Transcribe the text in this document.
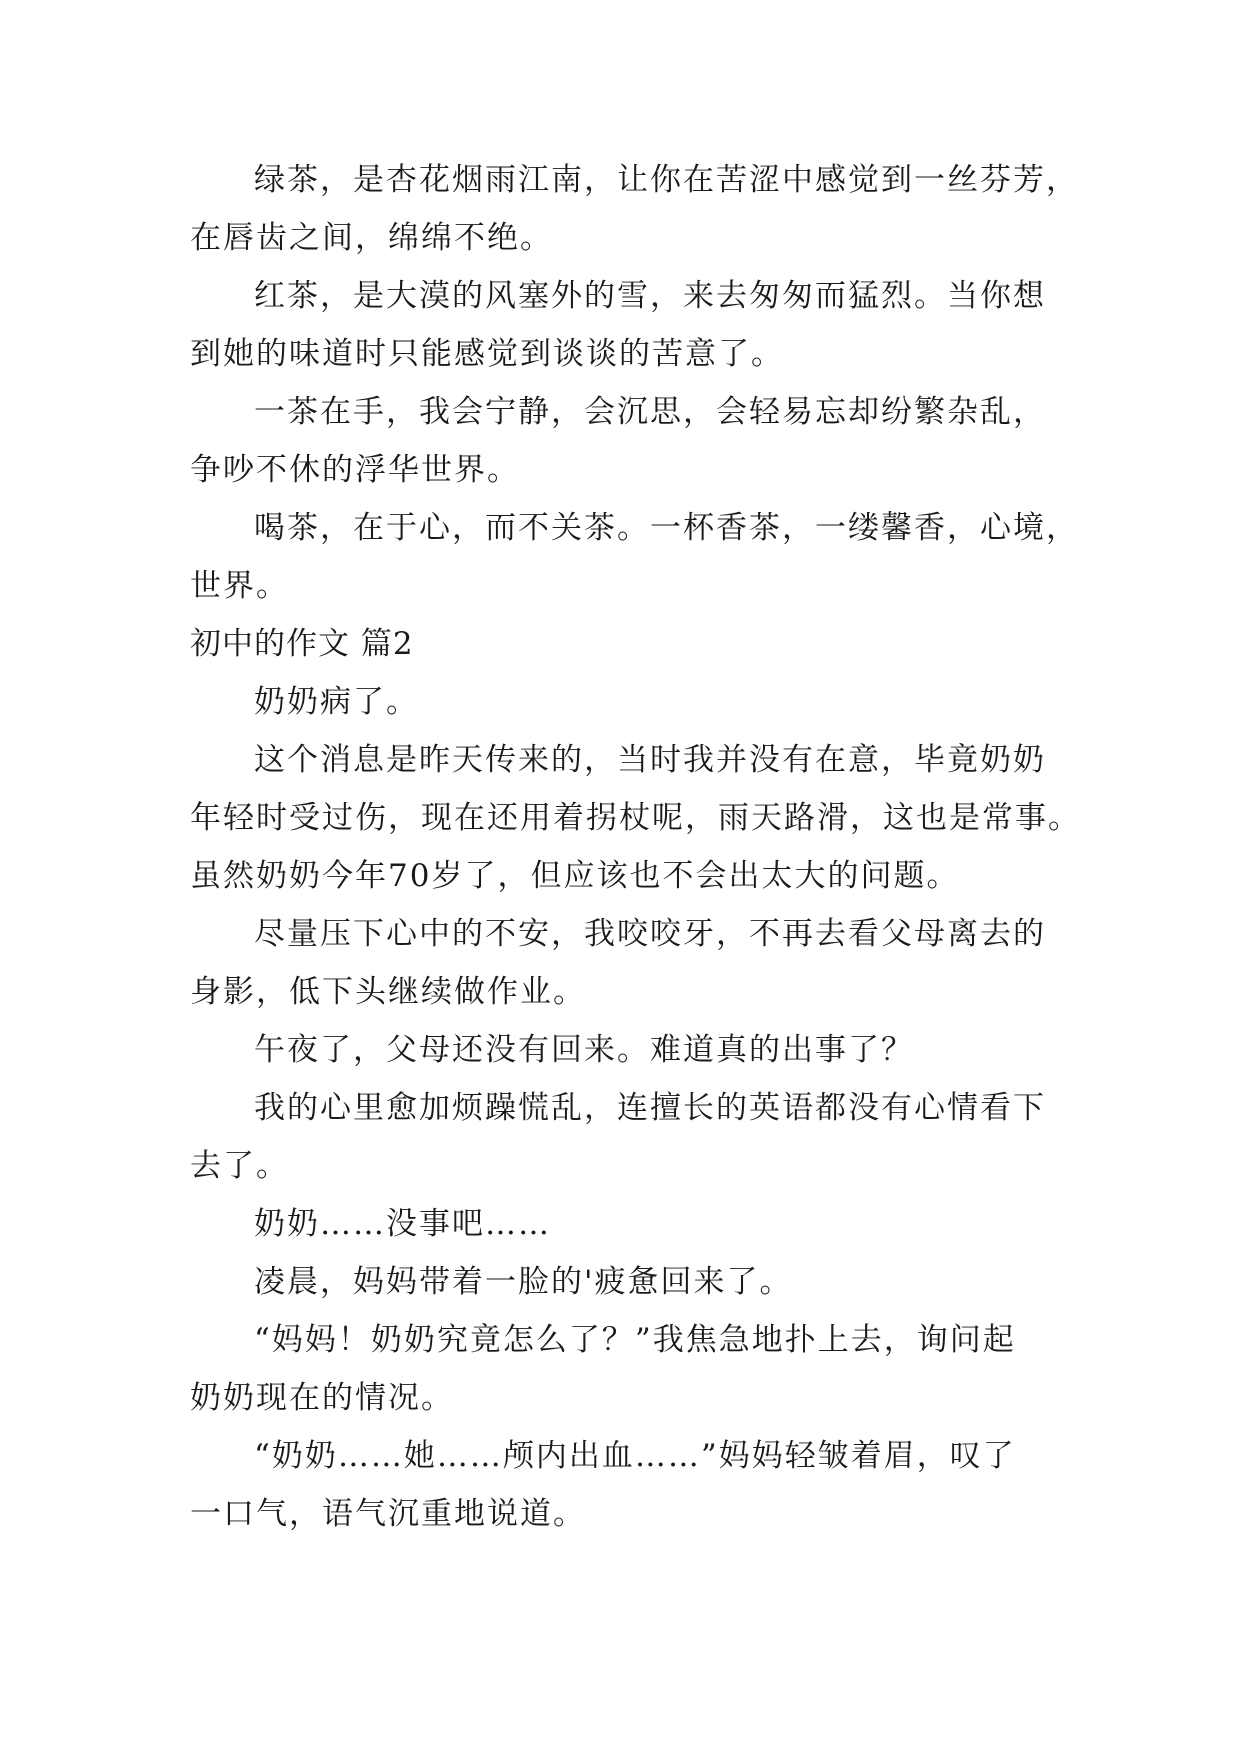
绿茶，是杏花烟雨江南，让你在苦涩中感觉到一丝芬芳，
在唇齿之间，绵绵不绝。
红茶，是大漠的风塞外的雪，来去匆匆而猛烈。当你想
到她的味道时只能感觉到谈谈的苦意了。
一茶在手，我会宁静，会沉思，会轻易忘却纷繁杂乱，
争吵不休的浮华世界。
喝茶，在于心，而不关茶。一杯香茶，一缕馨香，心境，
世界。
初中的作文 篇2
奶奶病了。
这个消息是昨天传来的，当时我并没有在意，毕竟奶奶
年轻时受过伤，现在还用着拐杖呢，雨天路滑，这也是常事。
虽然奶奶今年70岁了，但应该也不会出太大的问题。
尽量压下心中的不安，我咬咬牙，不再去看父母离去的
身影，低下头继续做作业。
午夜了，父母还没有回来。难道真的出事了？
我的心里愈加烦躁慌乱，连擅长的英语都没有心情看下
去了。
奶奶……没事吧……
凌晨，妈妈带着一脸的'疲惫回来了。
“妈妈！奶奶究竟怎么了？”我焦急地扑上去，询问起
奶奶现在的情况。
“奶奶……她……颅内出血……”妈妈轻皱着眉，叹了
一口气，语气沉重地说道。
